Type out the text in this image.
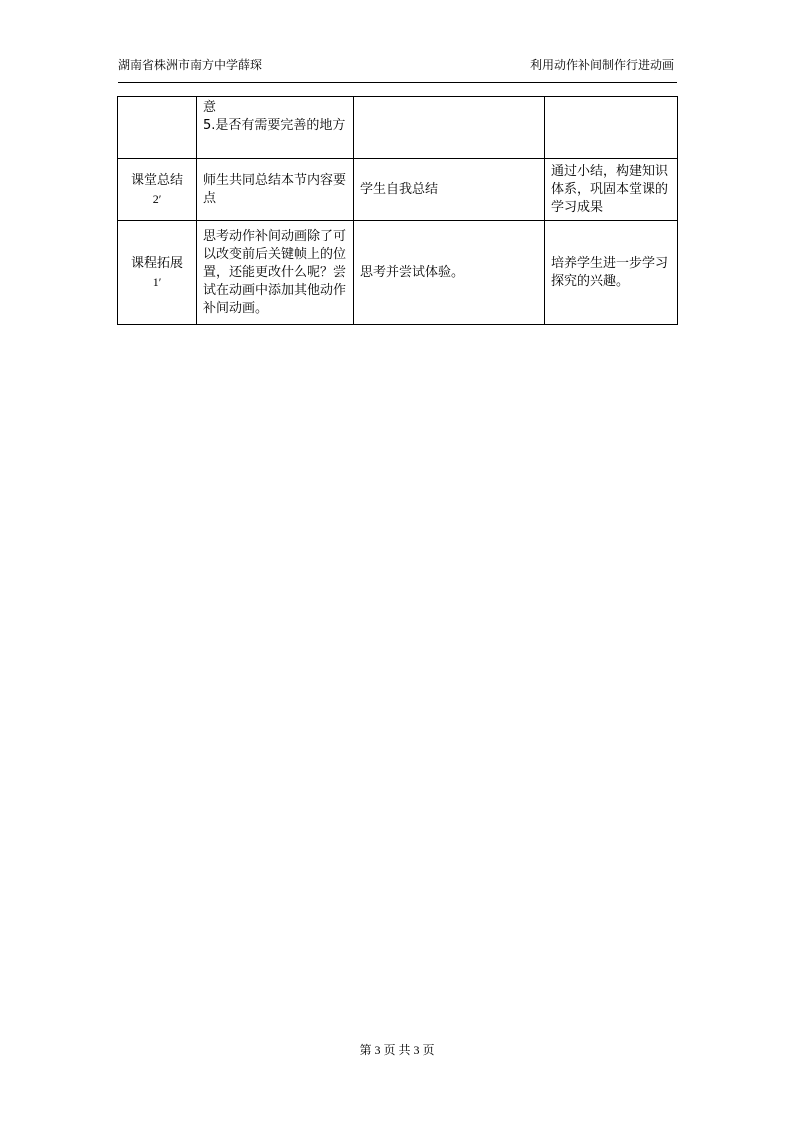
湖南省株洲市南方中学薛琛	利用动作补间制作行进动画

	意
5.是否有需要完善的地方		

课堂总结
2′	师生共同总结本节内容要点	学生自我总结	通过小结，构建知识体系，巩固本堂课的学习成果

课程拓展
1′	思考动作补间动画除了可以改变前后关键帧上的位置，还能更改什么呢？尝试在动画中添加其他动作补间动画。	思考并尝试体验。	培养学生进一步学习探究的兴趣。
第 3 页 共 3 页
